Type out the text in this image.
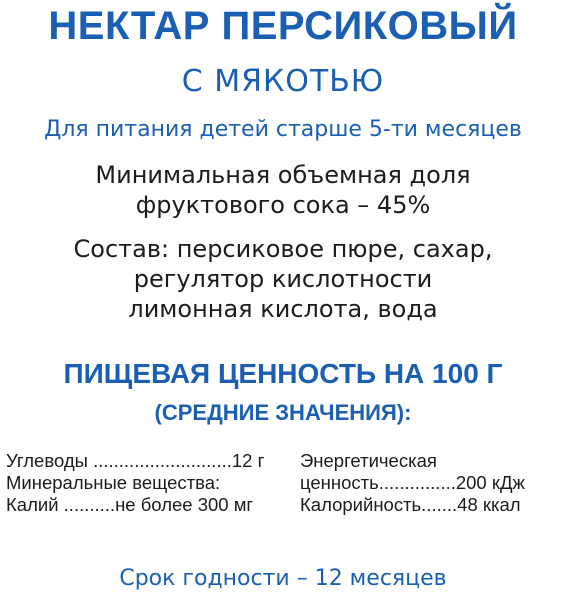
НЕКТАР ПЕРСИКОВЫЙ
С МЯКОТЬЮ
Для питания детей старше 5-ти месяцев
Минимальная объемная доля
фруктового сока – 45%
Состав: персиковое пюре, сахар,
регулятор кислотности
лимонная кислота, вода
ПИЩЕВАЯ ЦЕННОСТЬ НА 100 Г
(СРЕДНИЕ ЗНАЧЕНИЯ):
Углеводы ...........................12 г
Минеральные вещества:
Калий ..........не более 300 мг
Энергетическая
ценность...............200 кДж
Калорийность.......48 ккал
Срок годности – 12 месяцев
